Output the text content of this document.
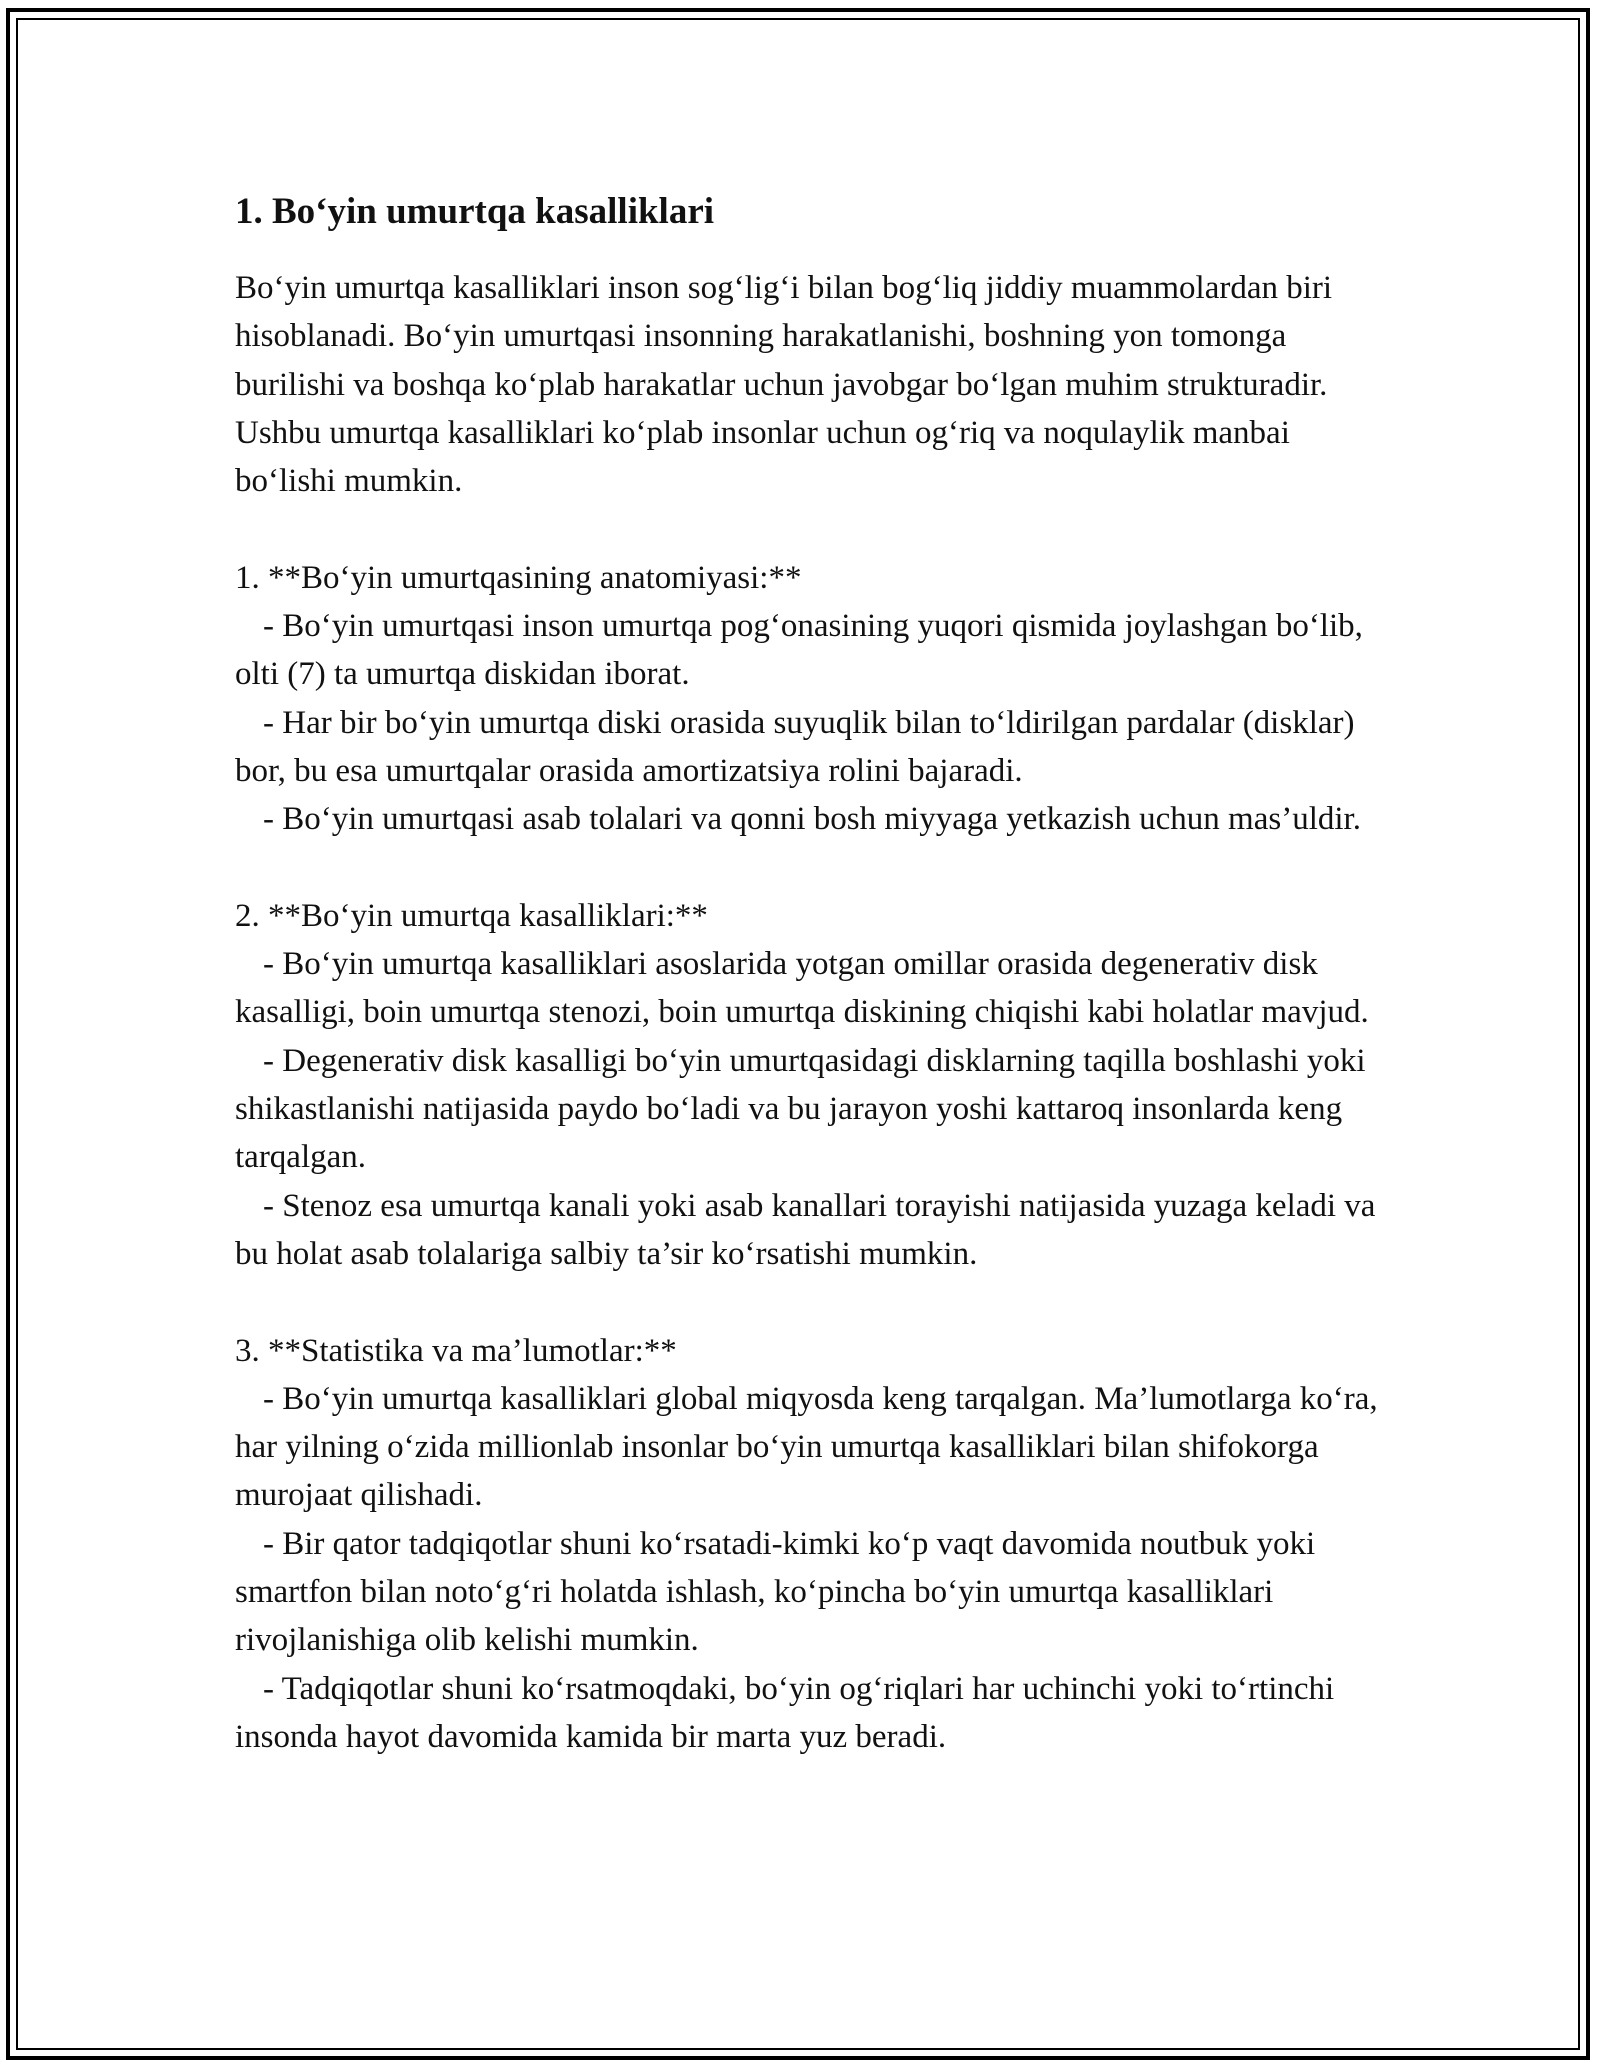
1. Bo‘yin umurtqa kasalliklari

Bo‘yin umurtqa kasalliklari inson sog‘lig‘i bilan bog‘liq jiddiy muammolardan biri hisoblanadi. Bo‘yin umurtqasi insonning harakatlanishi, boshning yon tomonga burilishi va boshqa ko‘plab harakatlar uchun javobgar bo‘lgan muhim strukturadir. Ushbu umurtqa kasalliklari ko‘plab insonlar uchun og‘riq va noqulaylik manbai bo‘lishi mumkin.

1. **Bo‘yin umurtqasining anatomiyasi:**

- Bo‘yin umurtqasi inson umurtqa pog‘onasining yuqori qismida joylashgan bo‘lib, olti (7) ta umurtqa diskidan iborat.

- Har bir bo‘yin umurtqa diski orasida suyuqlik bilan to‘ldirilgan pardalar (disklar) bor, bu esa umurtqalar orasida amortizatsiya rolini bajaradi.

- Bo‘yin umurtqasi asab tolalari va qonni bosh miyyaga yetkazish uchun mas’uldir.

2. **Bo‘yin umurtqa kasalliklari:**

- Bo‘yin umurtqa kasalliklari asoslarida yotgan omillar orasida degenerativ disk kasalligi, boin umurtqa stenozi, boin umurtqa diskining chiqishi kabi holatlar mavjud.

- Degenerativ disk kasalligi bo‘yin umurtqasidagi disklarning taqilla boshlashi yoki shikastlanishi natijasida paydo bo‘ladi va bu jarayon yoshi kattaroq insonlarda keng tarqalgan.

- Stenoz esa umurtqa kanali yoki asab kanallari torayishi natijasida yuzaga keladi va bu holat asab tolalariga salbiy ta’sir ko‘rsatishi mumkin.

3. **Statistika va ma’lumotlar:**

- Bo‘yin umurtqa kasalliklari global miqyosda keng tarqalgan. Ma’lumotlarga ko‘ra, har yilning o‘zida millionlab insonlar bo‘yin umurtqa kasalliklari bilan shifokorga murojaat qilishadi.

- Bir qator tadqiqotlar shuni ko‘rsatadi-kimki ko‘p vaqt davomida noutbuk yoki smartfon bilan noto‘g‘ri holatda ishlash, ko‘pincha bo‘yin umurtqa kasalliklari rivojlanishiga olib kelishi mumkin.

- Tadqiqotlar shuni ko‘rsatmoqdaki, bo‘yin og‘riqlari har uchinchi yoki to‘rtinchi insonda hayot davomida kamida bir marta yuz beradi.
